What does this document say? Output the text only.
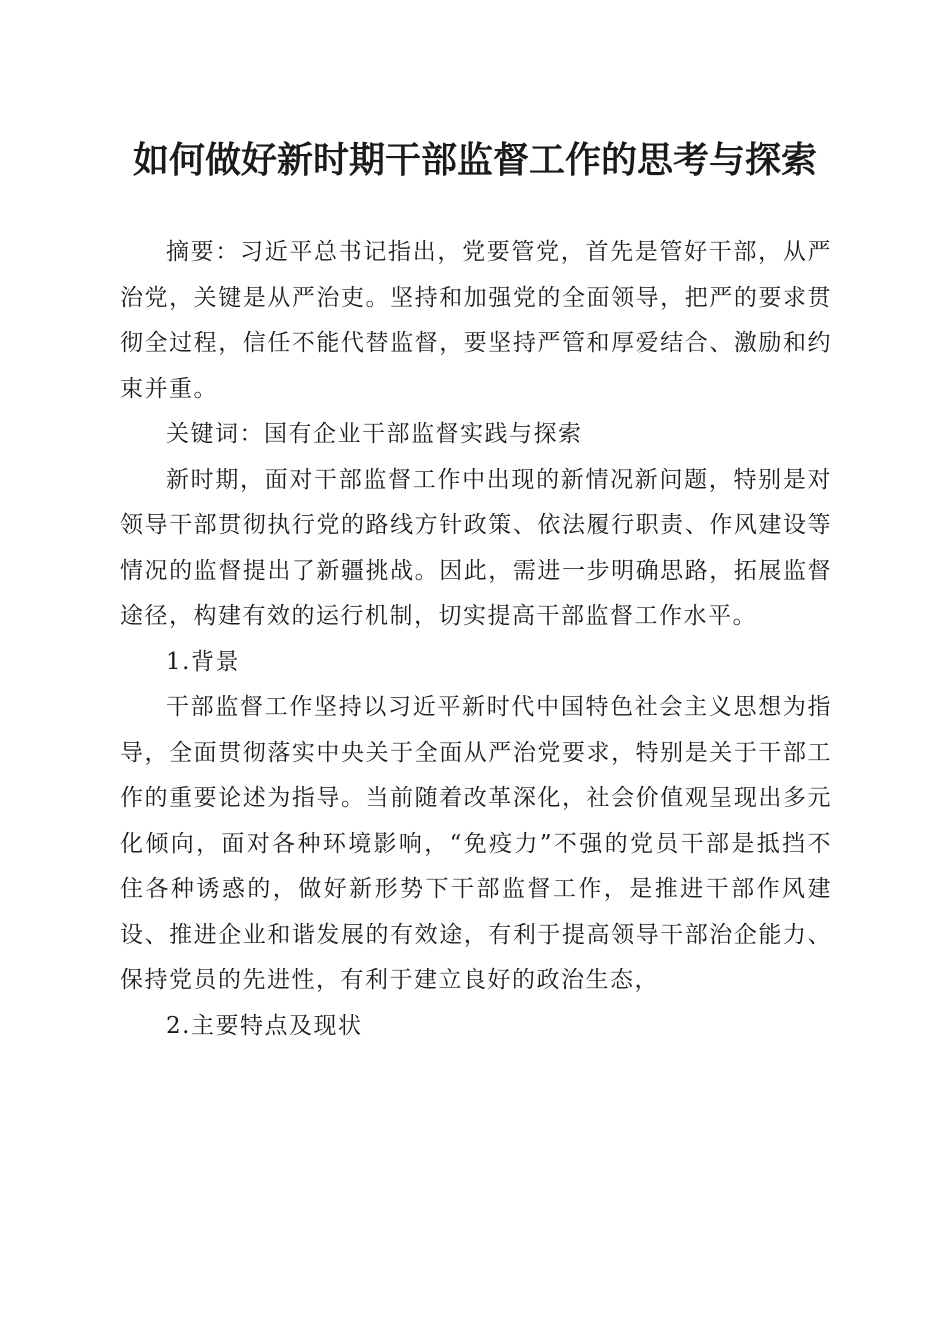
如何做好新时期干部监督工作的思考与探索

摘要：习近平总书记指出，党要管党，首先是管好干部，从严治党，关键是从严治吏。坚持和加强党的全面领导，把严的要求贯彻全过程，信任不能代替监督，要坚持严管和厚爱结合、激励和约束并重。

关键词：国有企业干部监督实践与探索

新时期，面对干部监督工作中出现的新情况新问题，特别是对领导干部贯彻执行党的路线方针政策、依法履行职责、作风建设等情况的监督提出了新疆挑战。因此，需进一步明确思路，拓展监督途径，构建有效的运行机制，切实提高干部监督工作水平。

1.背景

干部监督工作坚持以习近平新时代中国特色社会主义思想为指导，全面贯彻落实中央关于全面从严治党要求，特别是关于干部工作的重要论述为指导。当前随着改革深化，社会价值观呈现出多元化倾向，面对各种环境影响，“免疫力”不强的党员干部是抵挡不住各种诱惑的，做好新形势下干部监督工作，是推进干部作风建设、推进企业和谐发展的有效途，有利于提高领导干部治企能力、保持党员的先进性，有利于建立良好的政治生态，

2.主要特点及现状
